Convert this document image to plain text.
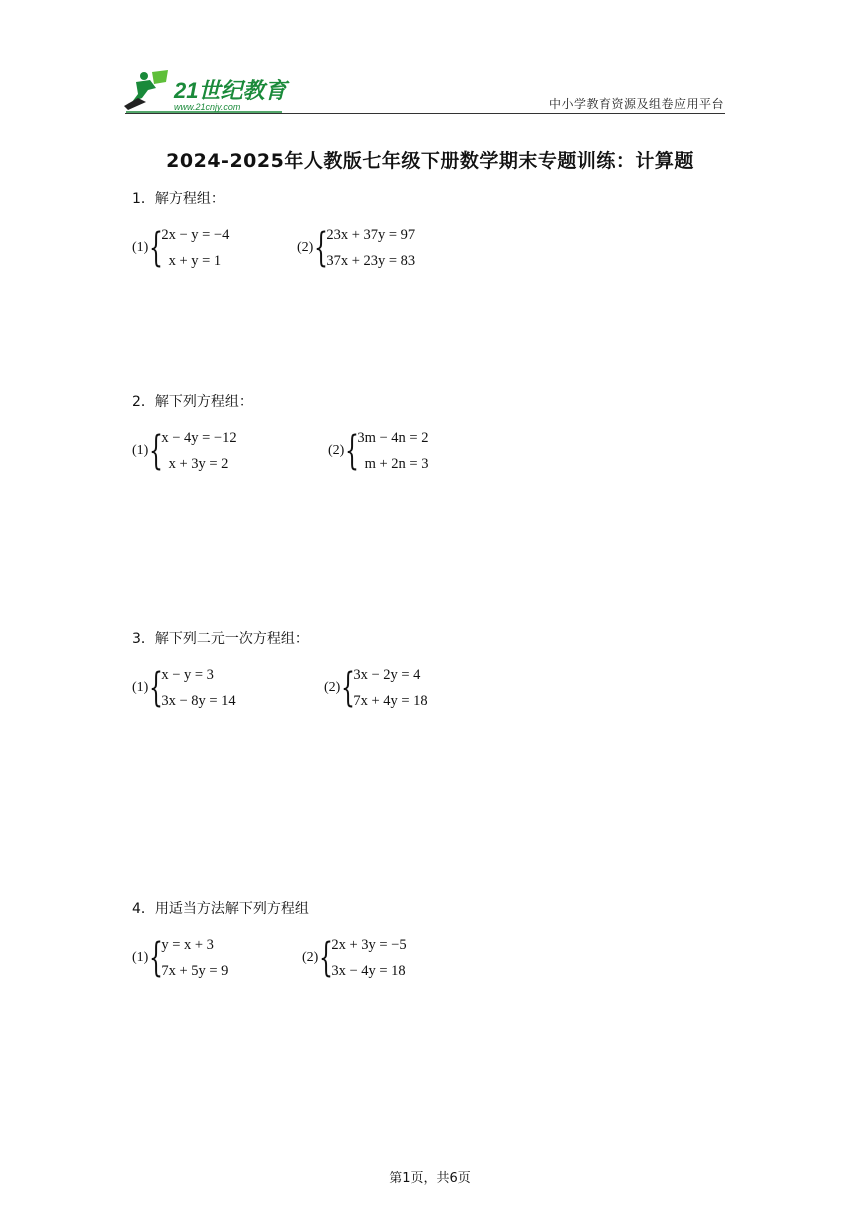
21世纪教育
www.21cnjy.com	中小学教育资源及组卷应用平台
2024-2025年人教版七年级下册数学期末专题训练：计算题
1．解方程组：
(1) {
2x − y = −4
x + y = 1
(2) {
23x + 37y = 97
37x + 23y = 83
2．解下列方程组：
(1) {
x − 4y = −12
x + 3y = 2
(2) {
3m − 4n = 2
m + 2n = 3
3．解下列二元一次方程组：
(1) {
x − y = 3
3x − 8y = 14
(2) {
3x − 2y = 4
7x + 4y = 18
4．用适当方法解下列方程组
(1) {
y = x + 3
7x + 5y = 9
(2) {
2x + 3y = −5
3x − 4y = 18
第1页，共6页
